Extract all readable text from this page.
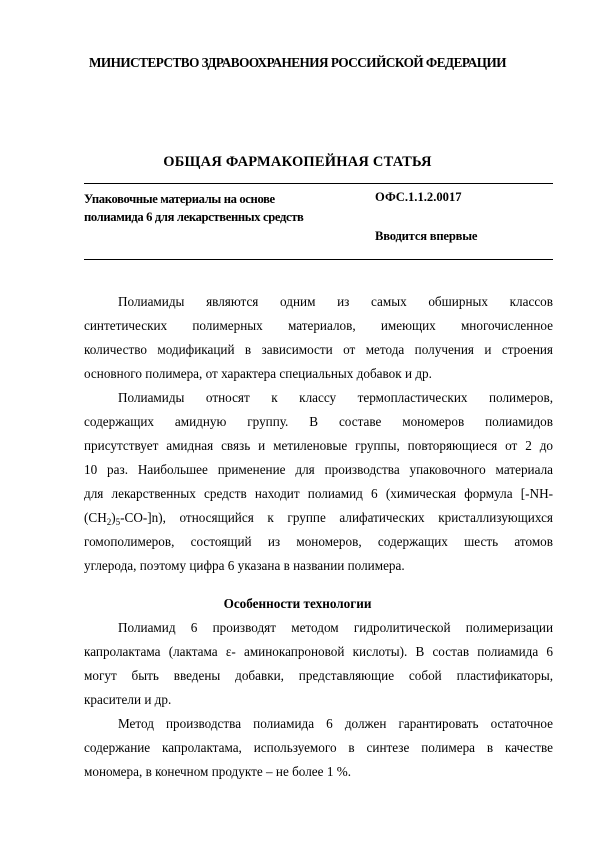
МИНИСТЕРСТВО ЗДРАВООХРАНЕНИЯ РОССИЙСКОЙ ФЕДЕРАЦИИ
ОБЩАЯ ФАРМАКОПЕЙНАЯ СТАТЬЯ
Упаковочные материалы на основе
полиамида 6 для лекарственных средств
ОФС.1.1.2.0017
Вводится впервые
Полиамиды являются одним из самых обширных классов
синтетических полимерных материалов, имеющих многочисленное
количество модификаций в зависимости от метода получения и строения
основного полимера, от характера специальных добавок и др.
Полиамиды относят к классу термопластических полимеров,
содержащих амидную группу. В составе мономеров полиамидов
присутствует амидная связь и метиленовые группы, повторяющиеся от 2 до
10 раз. Наибольшее применение для производства упаковочного материала
для лекарственных средств находит полиамид 6 (химическая формула [-NH-
$(CH_2)_5-CO-]n$), относящийся к группе алифатических кристаллизующихся
гомополимеров, состоящий из мономеров, содержащих шесть атомов
углерода, поэтому цифра 6 указана в названии полимера.
Особенности технологии
Полиамид 6 производят методом гидролитической полимеризации
капролактама (лактама ε- аминокапроновой кислоты). В состав полиамида 6
могут быть введены добавки, представляющие собой пластификаторы,
красители и др.
Метод производства полиамида 6 должен гарантировать остаточное
содержание капролактама, используемого в синтезе полимера в качестве
мономера, в конечном продукте – не более 1 %.
